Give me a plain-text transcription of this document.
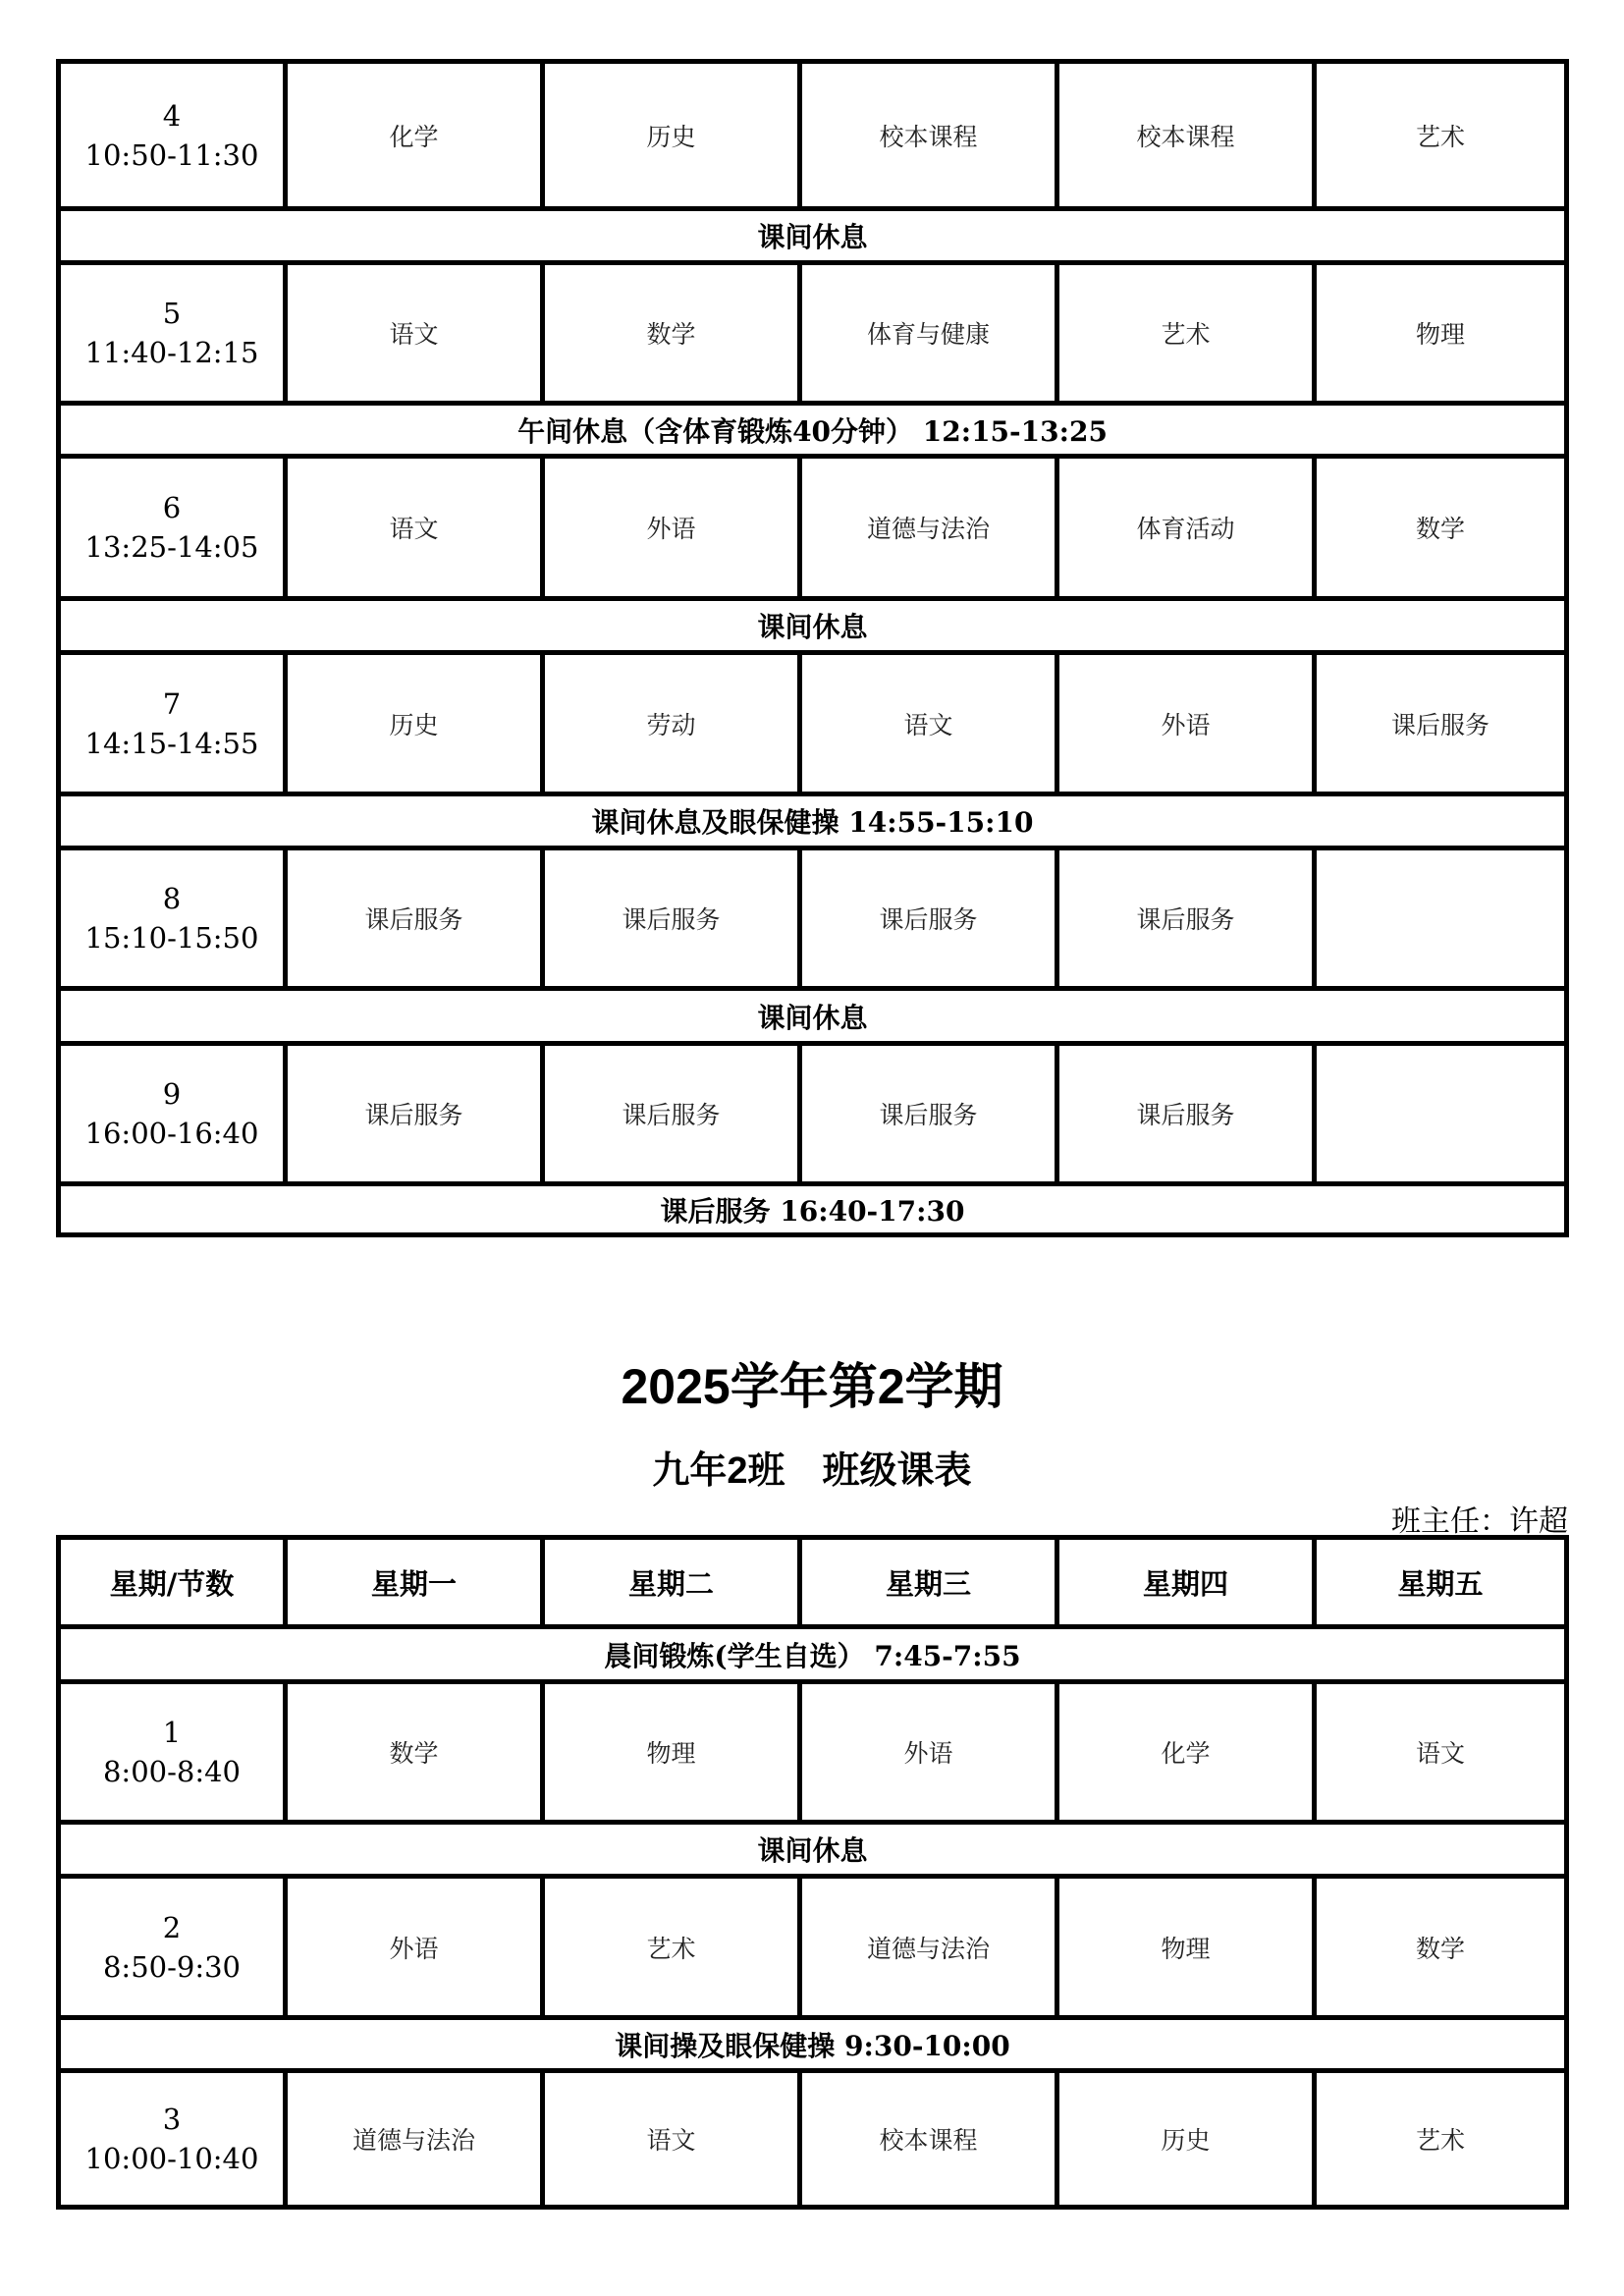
4
10:50-11:30
化学	历史	校本课程	校本课程	艺术
课间休息
5
11:40-12:15
语文	数学	体育与健康	艺术	物理
午间休息（含体育锻炼40分钟） 12:15-13:25
6
13:25-14:05
语文	外语	道德与法治	体育活动	数学
课间休息
7
14:15-14:55
历史	劳动	语文	外语	课后服务
课间休息及眼保健操 14:55-15:10
8
15:10-15:50
课后服务	课后服务	课后服务	课后服务
课间休息
9
16:00-16:40
课后服务	课后服务	课后服务	课后服务
课后服务 16:40-17:30
2025学年第2学期
九年2班　班级课表
班主任：许超
星期/节数	星期一	星期二	星期三	星期四	星期五
晨间锻炼(学生自选） 7:45-7:55
1
8:00-8:40
数学	物理	外语	化学	语文
课间休息
2
8:50-9:30
外语	艺术	道德与法治	物理	数学
课间操及眼保健操 9:30-10:00
3
10:00-10:40
道德与法治	语文	校本课程	历史	艺术
